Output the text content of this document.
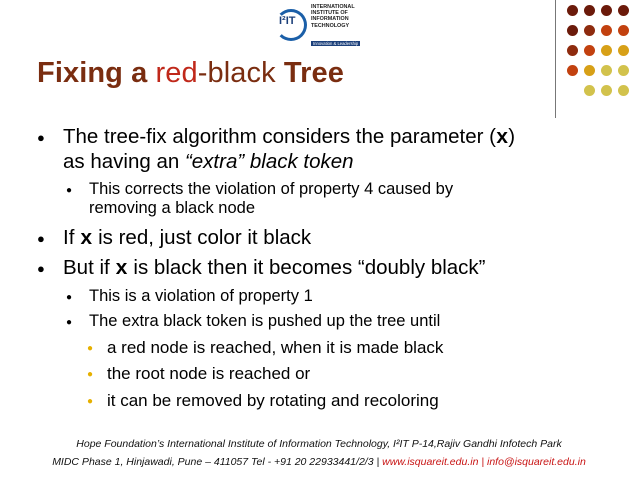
I²IT
INTERNATIONAL
INSTITUTE OF
INFORMATION
TECHNOLOGY
Innovation & Leadership
Fixing a red-black Tree
● The tree-fix algorithm considers the parameter (x)
as having an “extra” black token
● This corrects the violation of property 4 caused by
removing a black node
● If x is red, just color it black
● But if x is black then it becomes “doubly black”
● This is a violation of property 1
● The extra black token is pushed up the tree until
● a red node is reached, when it is made black
● the root node is reached or
● it can be removed by rotating and recoloring
Hope Foundation’s International Institute of Information Technology, I²IT P-14,Rajiv Gandhi Infotech Park
MIDC Phase 1, Hinjawadi, Pune – 411057 Tel - +91 20 22933441/2/3 | www.isquareit.edu.in | info@isquareit.edu.in
